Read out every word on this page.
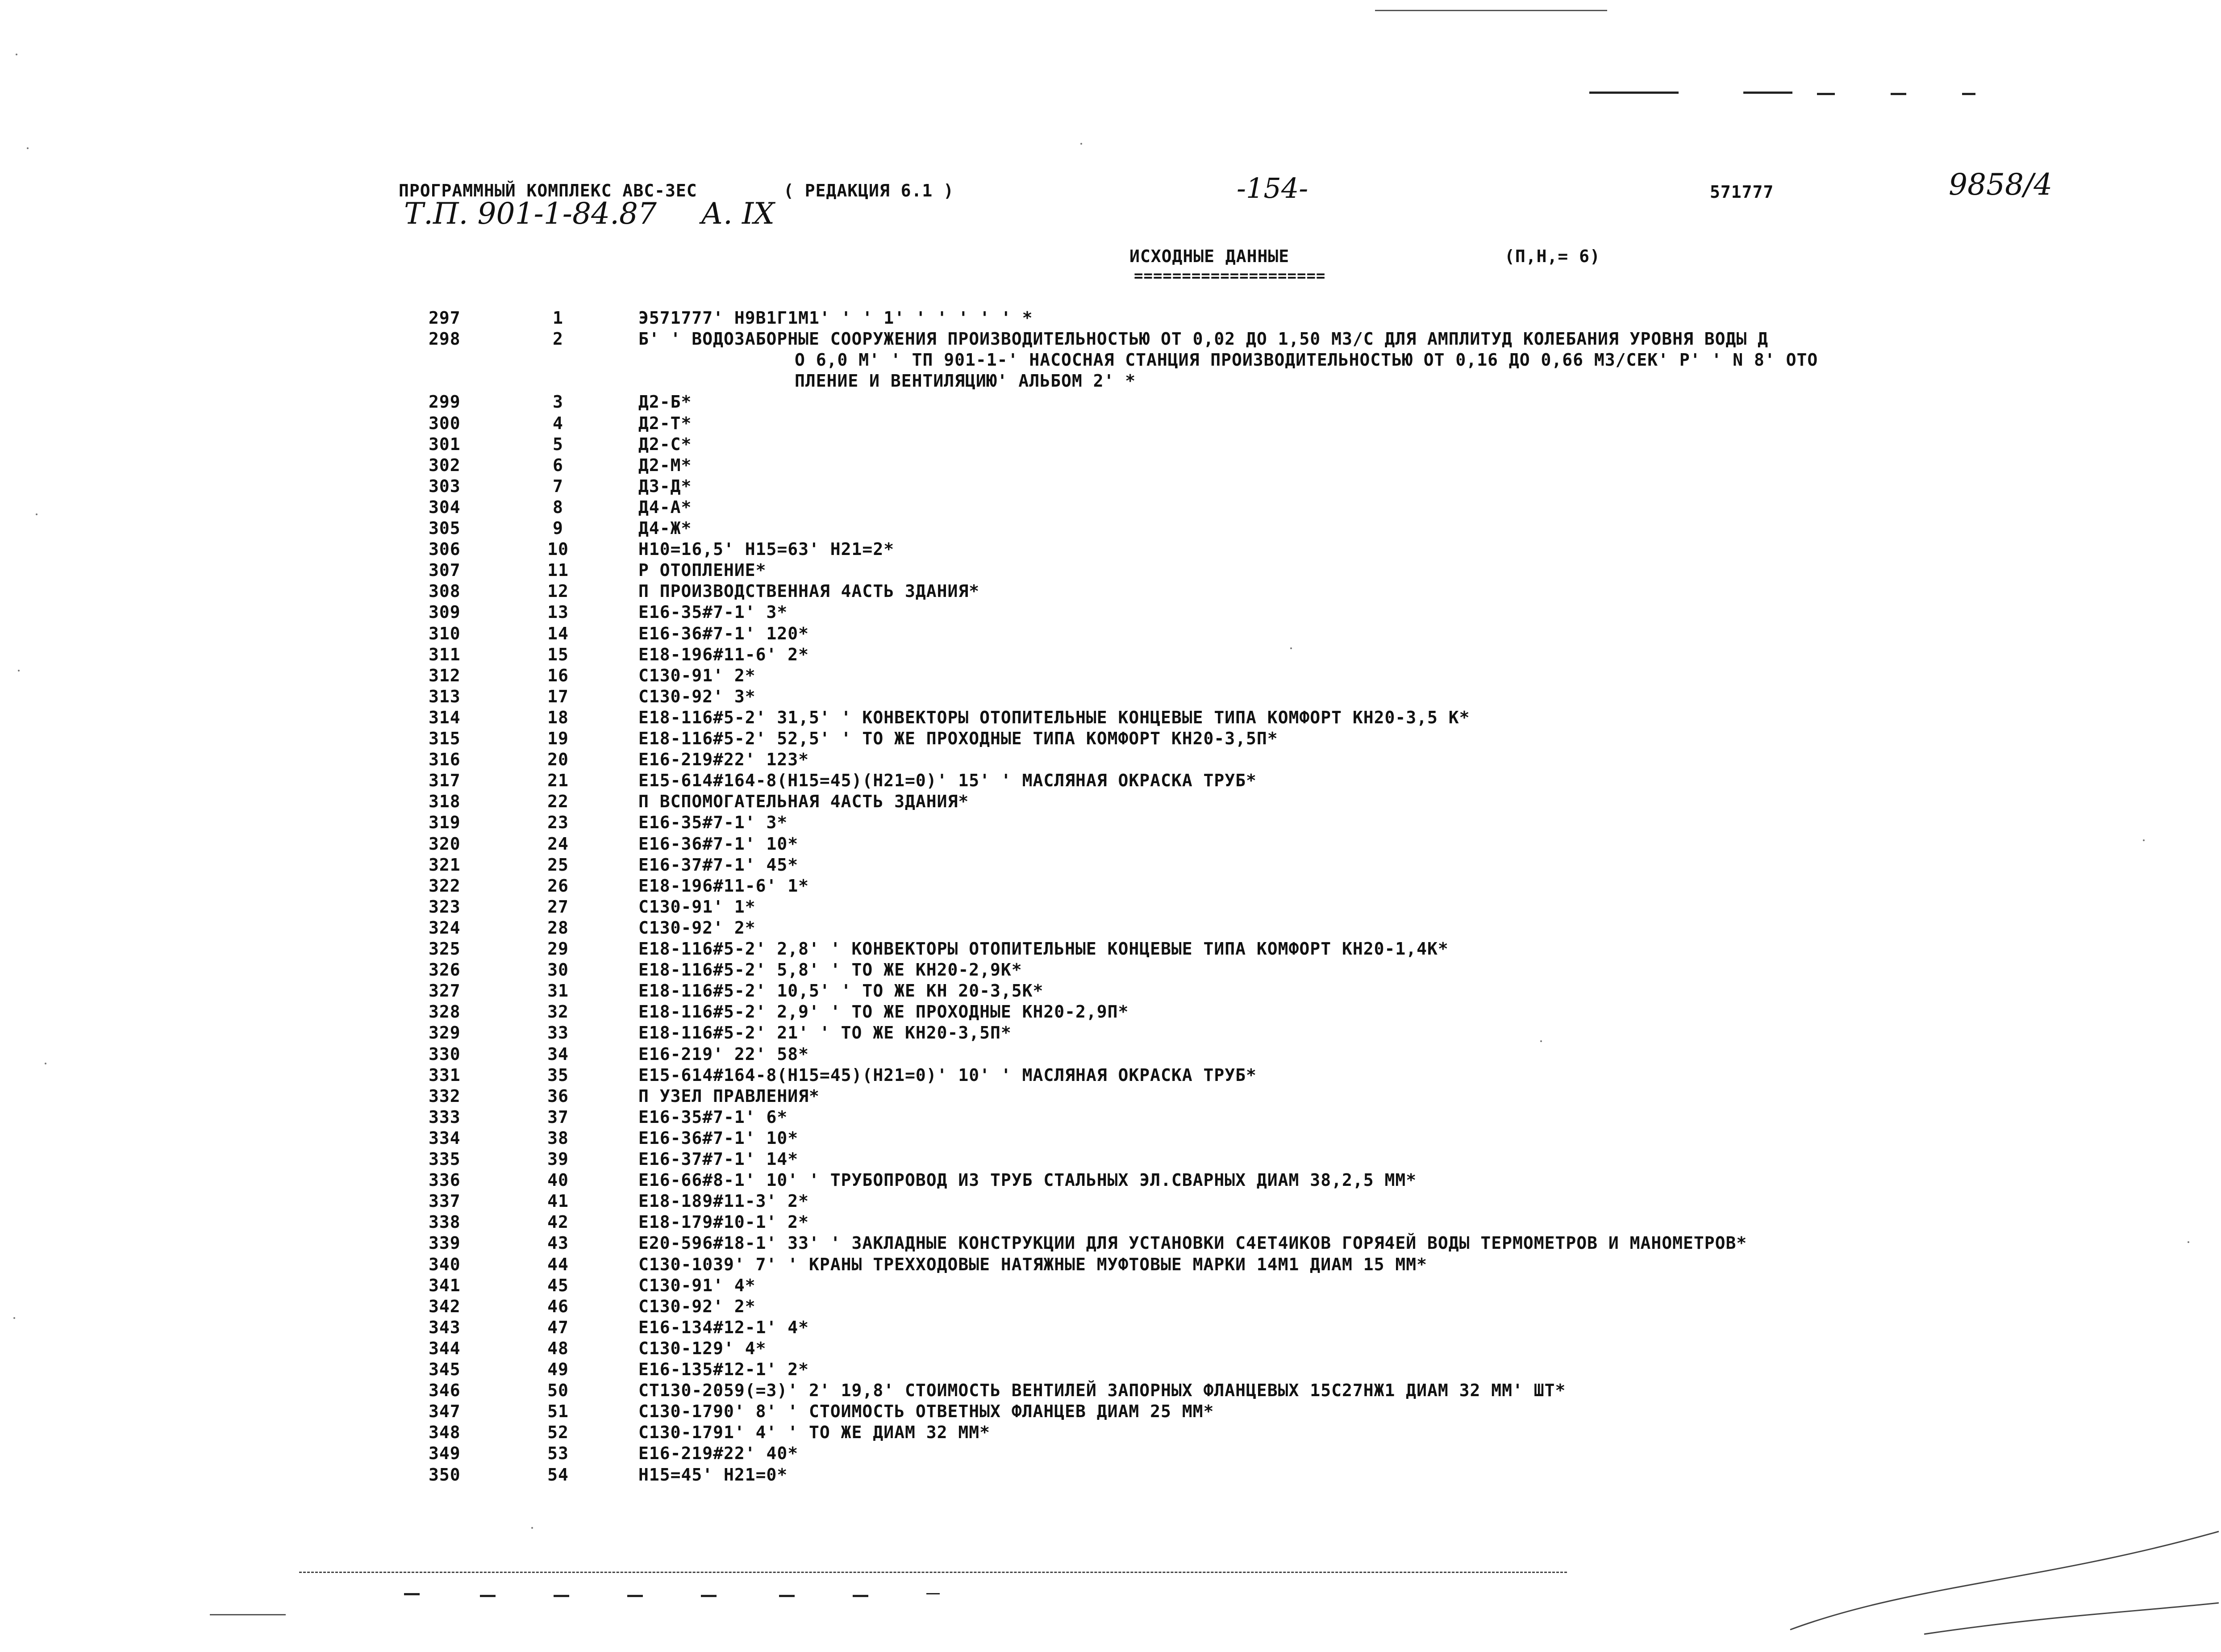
ПРОГРАММНЫЙ КОМПЛЕКС АВС-3ЕС	( РЕДАКЦИЯ 6.1 )	-154-	571777	9858/4
Т.П. 901-1-84.87 А. IX
ИСХОДНЫЕ ДАННЫЕ
====================
(П,Н,= 6)
297	1	Э571777' Н9В1Г1М1' ' ' 1' ' ' ' ' ' *
298	2	Б' ' ВОДОЗАБОРНЫЕ СООРУЖЕНИЯ ПРОИЗВОДИТЕЛЬНОСТЬЮ ОТ 0,02 ДО 1,50 М3/С ДЛЯ АМПЛИТУД КОЛЕБАНИЯ УРОВНЯ ВОДЫ Д
О 6,0 М' ' ТП 901-1-' НАСОСНАЯ СТАНЦИЯ ПРОИЗВОДИТЕЛЬНОСТЬЮ ОТ 0,16 ДО 0,66 М3/СЕК' Р' ' N 8' ОТО
ПЛЕНИЕ И ВЕНТИЛЯЦИЮ' АЛЬБОМ 2' *
299	3	Д2-Б*
300	4	Д2-Т*
301	5	Д2-С*
302	6	Д2-М*
303	7	Д3-Д*
304	8	Д4-А*
305	9	Д4-Ж*
306	10	Н10=16,5' Н15=63' Н21=2*
307	11	Р ОТОПЛЕНИЕ*
308	12	П ПРОИЗВОДСТВЕННАЯ 4АСТЬ ЗДАНИЯ*
309	13	Е16-35#7-1' 3*
310	14	Е16-36#7-1' 120*
311	15	Е18-196#11-6' 2*
312	16	С130-91' 2*
313	17	С130-92' 3*
314	18	Е18-116#5-2' 31,5' ' КОНВЕКТОРЫ ОТОПИТЕЛЬНЫЕ КОНЦЕВЫЕ ТИПА КОМФОРТ КН20-3,5 К*
315	19	Е18-116#5-2' 52,5' ' ТО ЖЕ ПРОХОДНЫЕ ТИПА КОМФОРТ КН20-3,5П*
316	20	Е16-219#22' 123*
317	21	Е15-614#164-8(Н15=45)(Н21=0)' 15' ' МАСЛЯНАЯ ОКРАСКА ТРУБ*
318	22	П ВСПОМОГАТЕЛЬНАЯ 4АСТЬ ЗДАНИЯ*
319	23	Е16-35#7-1' 3*
320	24	Е16-36#7-1' 10*
321	25	Е16-37#7-1' 45*
322	26	Е18-196#11-6' 1*
323	27	С130-91' 1*
324	28	С130-92' 2*
325	29	Е18-116#5-2' 2,8' ' КОНВЕКТОРЫ ОТОПИТЕЛЬНЫЕ КОНЦЕВЫЕ ТИПА КОМФОРТ КН20-1,4К*
326	30	Е18-116#5-2' 5,8' ' ТО ЖЕ КН20-2,9К*
327	31	Е18-116#5-2' 10,5' ' ТО ЖЕ КН 20-3,5К*
328	32	Е18-116#5-2' 2,9' ' ТО ЖЕ ПРОХОДНЫЕ КН20-2,9П*
329	33	Е18-116#5-2' 21' ' ТО ЖЕ КН20-3,5П*
330	34	Е16-219' 22' 58*
331	35	Е15-614#164-8(Н15=45)(Н21=0)' 10' ' МАСЛЯНАЯ ОКРАСКА ТРУБ*
332	36	П УЗЕЛ ПРАВЛЕНИЯ*
333	37	Е16-35#7-1' 6*
334	38	Е16-36#7-1' 10*
335	39	Е16-37#7-1' 14*
336	40	Е16-66#8-1' 10' ' ТРУБОПРОВОД ИЗ ТРУБ СТАЛЬНЫХ ЭЛ.СВАРНЫХ ДИАМ 38,2,5 ММ*
337	41	Е18-189#11-3' 2*
338	42	Е18-179#10-1' 2*
339	43	Е20-596#18-1' 33' ' ЗАКЛАДНЫЕ КОНСТРУКЦИИ ДЛЯ УСТАНОВКИ С4ЕТ4ИКОВ ГОРЯ4ЕЙ ВОДЫ ТЕРМОМЕТРОВ И МАНОМЕТРОВ*
340	44	С130-1039' 7' ' КРАНЫ ТРЕХХОДОВЫЕ НАТЯЖНЫЕ МУФТОВЫЕ МАРКИ 14М1 ДИАМ 15 ММ*
341	45	С130-91' 4*
342	46	С130-92' 2*
343	47	Е16-134#12-1' 4*
344	48	С130-129' 4*
345	49	Е16-135#12-1' 2*
346	50	СТ130-2059(=3)' 2' 19,8' СТОИМОСТЬ ВЕНТИЛЕЙ ЗАПОРНЫХ ФЛАНЦЕВЫХ 15С27НЖ1 ДИАМ 32 ММ' ШТ*
347	51	С130-1790' 8' ' СТОИМОСТЬ ОТВЕТНЫХ ФЛАНЦЕВ ДИАМ 25 ММ*
348	52	С130-1791' 4' ' ТО ЖЕ ДИАМ 32 ММ*
349	53	Е16-219#22' 40*
350	54	Н15=45' Н21=0*
